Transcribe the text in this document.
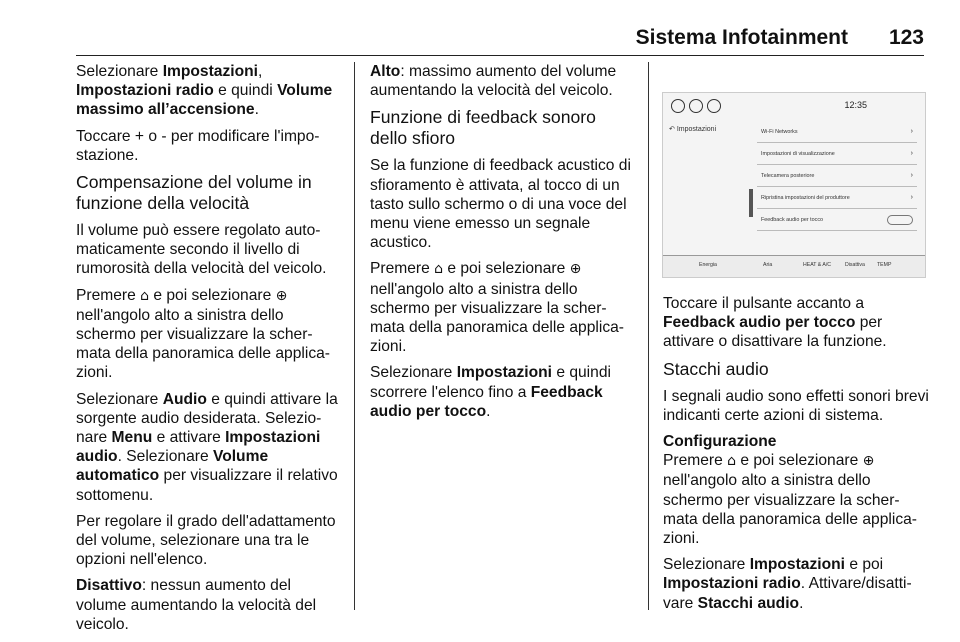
Sistema Infotainment 123

Selezionare Impostazioni, Impostazioni radio e quindi Volume massimo all’accensione.

Toccare + o - per modificare l'impo-stazione.

Compensazione del volume in funzione della velocità

Il volume può essere regolato auto-maticamente secondo il livello di rumorosità della velocità del veicolo.

Premere ⌂ e poi selezionare ⊕ nell'angolo alto a sinistra dello schermo per visualizzare la scher-mata della panoramica delle applica-zioni.

Selezionare Audio e quindi attivare la sorgente audio desiderata. Selezio-nare Menu e attivare Impostazioni audio. Selezionare Volume automatico per visualizzare il relativo sottomenu.

Per regolare il grado dell'adattamento del volume, selezionare una tra le opzioni nell'elenco.

Disattivo: nessun aumento del volume aumentando la velocità del veicolo.

Alto: massimo aumento del volume aumentando la velocità del veicolo.

Funzione di feedback sonoro dello sfioro

Se la funzione di feedback acustico di sfioramento è attivata, al tocco di un tasto sullo schermo o di una voce del menu viene emesso un segnale acustico.

Premere ⌂ e poi selezionare ⊕ nell'angolo alto a sinistra dello schermo per visualizzare la scher-mata della panoramica delle applica-zioni.

Selezionare Impostazioni e quindi scorrere l'elenco fino a Feedback audio per tocco.

12:35
↶ Impostazioni	Wi-Fi Networks	›
Impostazioni di visualizzazione	›
Telecamera posteriore	›
Ripristina impostazioni del produttore	›
Feedback audio per tocco
Energia	Aria	HEAT & A/C	Disattiva TEMP

Toccare il pulsante accanto a Feedback audio per tocco per attivare o disattivare la funzione.

Stacchi audio

I segnali audio sono effetti sonori brevi indicanti certe azioni di sistema.

Configurazione

Premere ⌂ e poi selezionare ⊕ nell'angolo alto a sinistra dello schermo per visualizzare la scher-mata della panoramica delle applica-zioni.

Selezionare Impostazioni e poi Impostazioni radio. Attivare/disatti-vare Stacchi audio.
